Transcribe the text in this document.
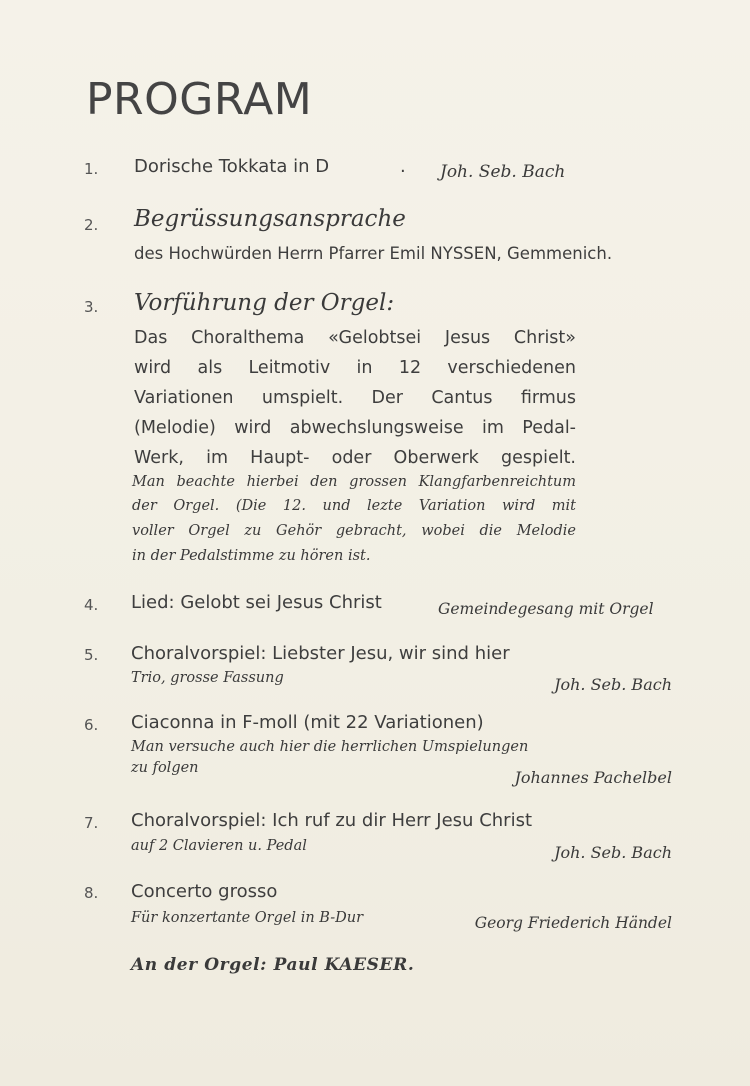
PROGRAM
1.	Dorische Tokkata in D	. Joh. Seb. Bach
2.	Begrüssungsansprache
des Hochwürden Herrn Pfarrer Emil NYSSEN, Gemmenich.
3.	Vorführung der Orgel:
Das Choralthema «Gelobtsei Jesus Christ»
wird als Leitmotiv in 12 verschiedenen
Variationen umspielt. Der Cantus firmus
(Melodie) wird abwechslungsweise im Pedal-
Werk, im Haupt- oder Oberwerk gespielt.
Man beachte hierbei den grossen Klangfarbenreichtum
der Orgel. (Die 12. und lezte Variation wird mit
voller Orgel zu Gehör gebracht, wobei die Melodie
in der Pedalstimme zu hören ist.
4.	Lied: Gelobt sei Jesus Christ	Gemeindegesang mit Orgel
5.	Choralvorspiel: Liebster Jesu, wir sind hier
Trio, grosse Fassung	Joh. Seb. Bach
6.	Ciaconna in F-moll (mit 22 Variationen)
Man versuche auch hier die herrlichen Umspielungen
zu folgen	Johannes Pachelbel
7.	Choralvorspiel: Ich ruf zu dir Herr Jesu Christ
auf 2 Clavieren u. Pedal	Joh. Seb. Bach
8.	Concerto grosso
Für konzertante Orgel in B-Dur	Georg Friederich Händel
An der Orgel: Paul KAESER.
